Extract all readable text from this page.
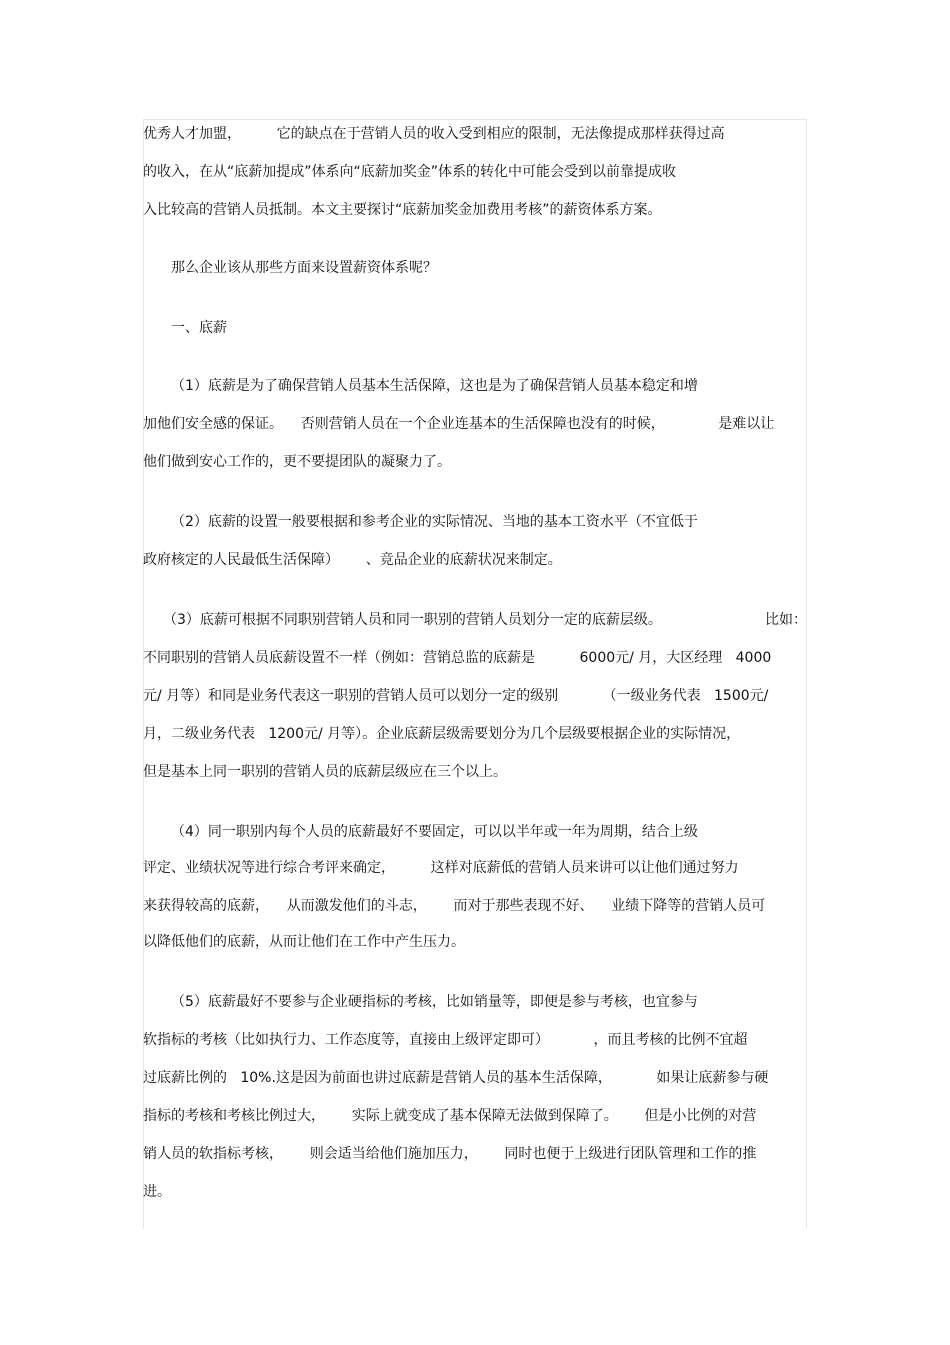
优秀人才加盟，        它的缺点在于营销人员的收入受到相应的限制，无法像提成那样获得过高
的收入，在从“底薪加提成”体系向“底薪加奖金”体系的转化中可能会受到以前靠提成收
入比较高的营销人员抵制。本文主要探讨“底薪加奖金加费用考核”的薪资体系方案。
那么企业该从那些方面来设置薪资体系呢？
一、底薪
（1）底薪是为了确保营销人员基本生活保障，这也是为了确保营销人员基本稳定和增
加他们安全感的保证。    否则营销人员在一个企业连基本的生活保障也没有的时候，            是难以让
他们做到安心工作的，更不要提团队的凝聚力了。
（2）底薪的设置一般要根据和参考企业的实际情况、当地的基本工资水平（不宜低于
政府核定的人民最低生活保障）      、竞品企业的底薪状况来制定。
（3）底薪可根据不同职别营销人员和同一职别的营销人员划分一定的底薪层级。	比如：
不同职别的营销人员底薪设置不一样（例如：营销总监的底薪是          6000元/ 月，大区经理   4000
元/ 月等）和同是业务代表这一职别的营销人员可以划分一定的级别          （一级业务代表   1500元/
月，二级业务代表   1200元/ 月等）。企业底薪层级需要划分为几个层级要根据企业的实际情况，
但是基本上同一职别的营销人员的底薪层级应在三个以上。
（4）同一职别内每个人员的底薪最好不要固定，可以以半年或一年为周期，结合上级
评定、业绩状况等进行综合考评来确定，        这样对底薪低的营销人员来讲可以让他们通过努力
来获得较高的底薪，    从而激发他们的斗志，      而对于那些表现不好、    业绩下降等的营销人员可
以降低他们的底薪，从而让他们在工作中产生压力。
（5）底薪最好不要参与企业硬指标的考核，比如销量等，即便是参与考核，也宜参与
软指标的考核（比如执行力、工作态度等，直接由上级评定即可）          ，而且考核的比例不宜超
过底薪比例的   10%.这是因为前面也讲过底薪是营销人员的基本生活保障，          如果让底薪参与硬
指标的考核和考核比例过大，      实际上就变成了基本保障无法做到保障了。      但是小比例的对营
销人员的软指标考核，      则会适当给他们施加压力，      同时也便于上级进行团队管理和工作的推
进。
